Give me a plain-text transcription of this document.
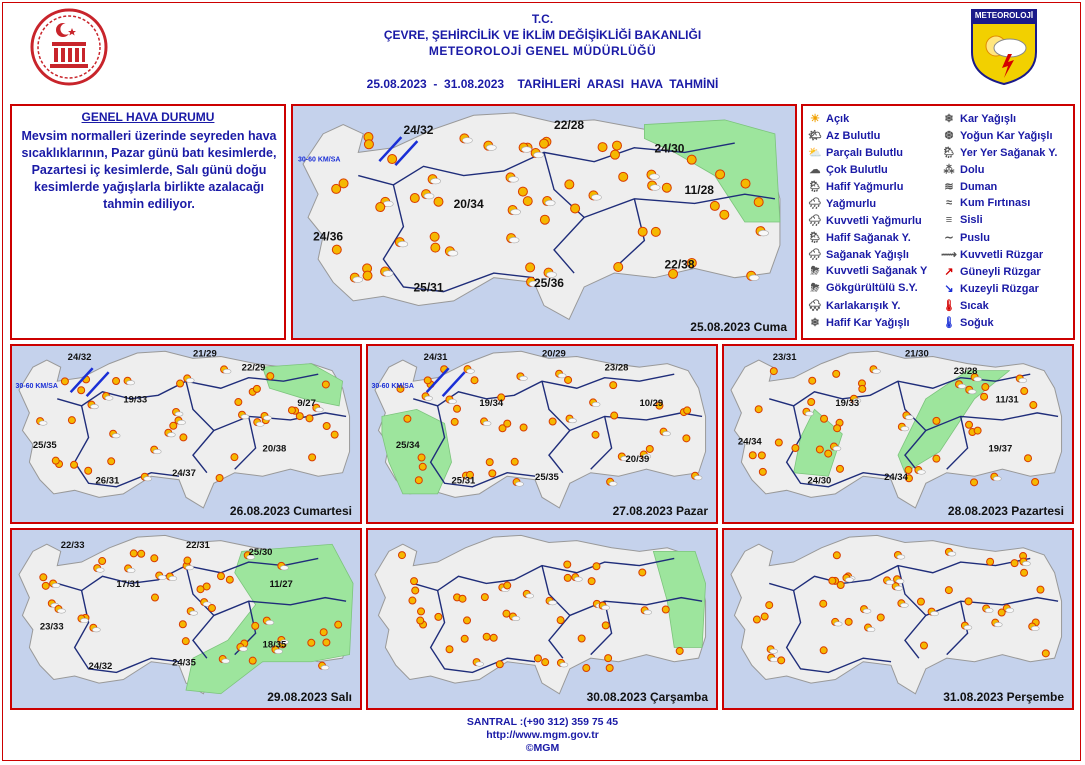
METEOROLOJİ
T.C.
ÇEVRE, ŞEHİRCİLİK VE İKLİM DEĞİŞİKLİĞİ BAKANLIĞI
METEOROLOJİ GENEL MÜDÜRLÜĞÜ
25.08.2023  -  31.08.2023    TARİHLERİ  ARASI  HAVA  TAHMİNİ
GENEL HAVA DURUMU
Mevsim normalleri üzerinde seyreden hava sıcaklıklarının, Pazar günü batı kesimlerde, Pazartesi iç kesimlerde, Salı günü doğu kesimlerde yağışlarla birlikte azalacağı tahmin ediliyor.
24/32	22/28
24/30
20/34
11/28
24/36
22/38
25/31	25/36
30-60 KM/SA
25.08.2023 Cuma
24/32	21/29
22/29
19/33	9/27
25/35	20/38
26/31
24/37
30-60 KM/SA
26.08.2023 Cumartesi
24/31	20/29
23/28
19/34	10/29
25/34
20/39
25/31	25/35
30-60 KM/SA
27.08.2023 Pazar
23/31	21/30
23/28
19/33	11/31
24/34
19/37
24/30	24/34
28.08.2023 Pazartesi
22/33	22/31
25/30
17/31	11/27
23/33
18/35
24/32	24/35
29.08.2023 Salı	30.08.2023 Çarşamba	31.08.2023 Perşembe
☀ Açık
🌤 Az Bulutlu
⛅ Parçalı Bulutlu
☁ Çok Bulutlu
🌦 Hafif Yağmurlu
🌧 Yağmurlu
🌧 Kuvvetli Yağmurlu
🌦 Hafif Sağanak Y.
🌧 Sağanak Yağışlı
⛈ Kuvvetli Sağanak Y
⛈ Gökgürültülü S.Y.
🌨 Karlakarışık Y.
❄ Hafif Kar Yağışlı
❄ Kar Yağışlı
❆ Yoğun Kar Yağışlı
🌦 Yer Yer Sağanak Y.
⁂ Dolu
≋ Duman
≈ Kum Fırtınası
≡ Sisli
∼ Puslu
⟿ Kuvvetli Rüzgar
↗ Güneyli Rüzgar
↘ Kuzeyli Rüzgar
🌡 Sıcak
🌡 Soğuk
SANTRAL :(+90 312) 359 75 45
http://www.mgm.gov.tr
©MGM
